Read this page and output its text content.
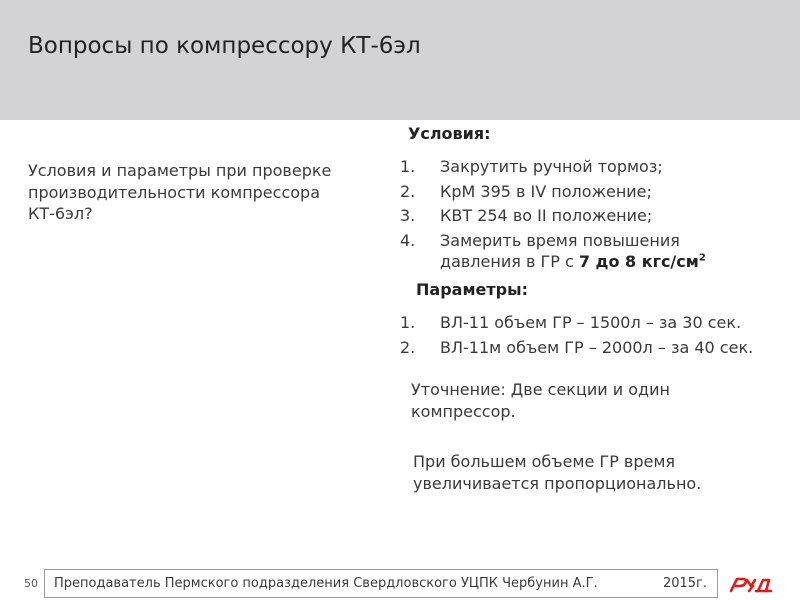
Вопросы по компрессору КТ-6эл
Условия и параметры при проверке производительности компрессора КТ-6эл?
Условия:
1. Закрутить ручной тормоз;
2. КрМ 395 в IV положение;
3. КВТ 254 во II положение;
4. Замерить время повышения
давления в ГР с 7 до 8 кгс/$см^2$
Параметры:
1. ВЛ-11 объем ГР – 1500л – за 30 сек.
2. ВЛ-11м объем ГР – 2000л – за 40 сек.
Уточнение: Две секции и один
компрессор.
При большем объеме ГР время
увеличивается пропорционально.
50 Преподаватель Пермского подразделения Свердловского УЦПК Чербунин А.Г.	2015г.
